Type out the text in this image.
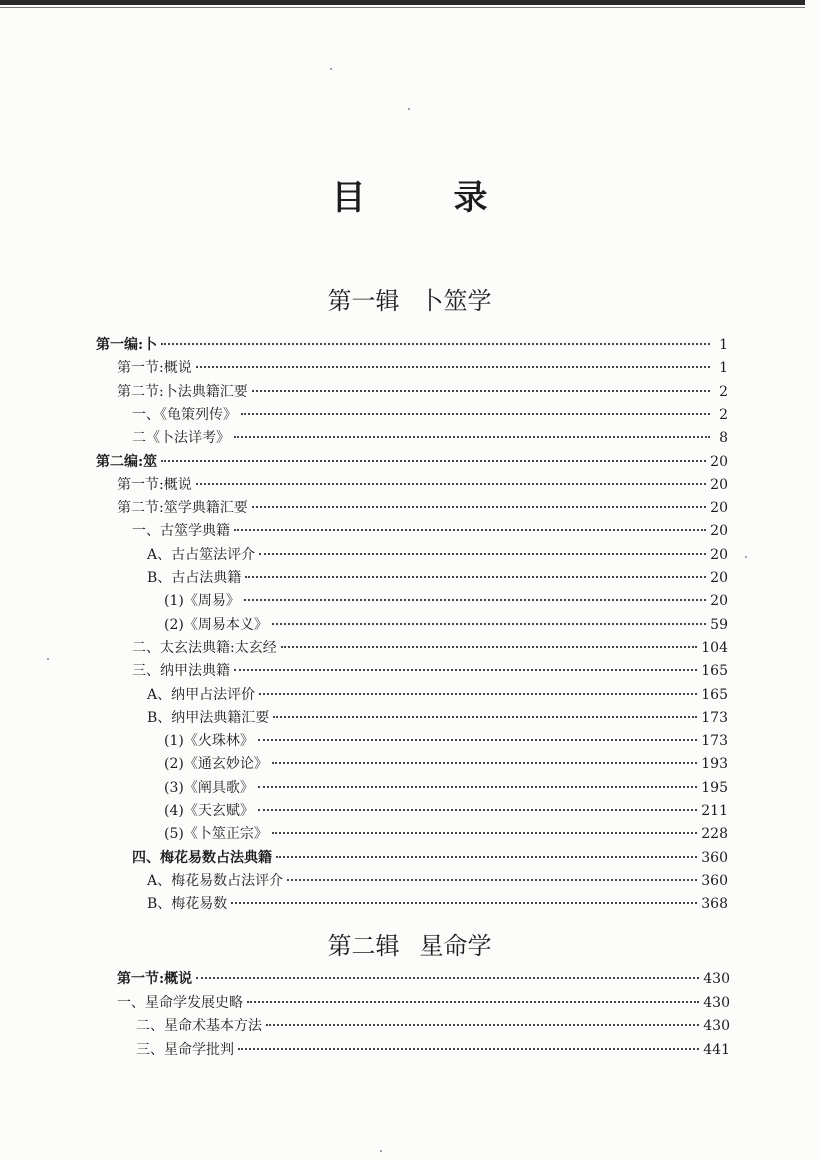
目	录
第一辑 卜筮学
第一编:卜	1
第一节:概说	1
第二节:卜法典籍汇要	2
一、《龟策列传》	2
二《卜法详考》	8
第二编:筮	20
第一节:概说	20
第二节:筮学典籍汇要	20
一、古筮学典籍	20
A、古占筮法评介	20
B、古占法典籍	20
(1)《周易》	20
(2)《周易本义》	59
二、太玄法典籍:太玄经	104
三、纳甲法典籍	165
A、纳甲占法评价	165
B、纳甲法典籍汇要	173
(1)《火珠林》	173
(2)《通玄妙论》	193
(3)《阐具歌》	195
(4)《天玄赋》	211
(5)《卜筮正宗》	228
四、梅花易数占法典籍	360
A、梅花易数占法评介	360
B、梅花易数	368
第二辑 星命学
第一节:概说	430
一、星命学发展史略	430
二、星命术基本方法	430
三、星命学批判	441
